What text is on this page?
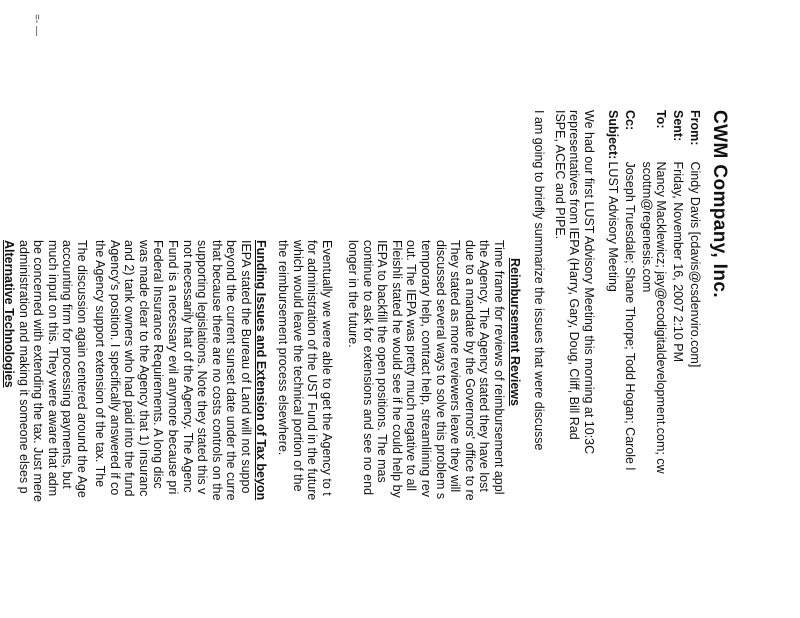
=- —
CWM Company, Inc.
From: Cindy Davis [cdavis@csdenviro.com]
Sent: Friday, November 16, 2007 2:10 PM
To: Nancy Macklewicz; jay@ecodigitaldevelopment.com; cw
scottm@regenesis.com
Cc: Joseph Truesdale; Shane Thorpe; Todd Hogan; Carole l
Subject: LUST Advisory Meeting
We had our first LUST Advisory Meeting this morning at 10:3C
representatives from IEPA (Harry, Gary, Doug, Cliff, Bill Rad
ISPE, ACEC and PIPE.
I am going to briefly summarize the issues that were discusse
Reimbursement Reviews
Time frame for reviews of reimbursement appl
the Agency. The Agency stated they have lost
due to a mandate by the Governors' office to re
They stated as more reviewers leave they will
discussed several ways to solve this problem s
temporary help, contract help, streamlining rev
out. The IEPA was pretty much negative to all
Fleishli stated he would see if he could help by
IEPA to backfill the open positions. The mas
continue to ask for extensions and see no end
longer in the future.
Eventually we were able to get the Agency to t
for administration of the UST Fund in the future
which would leave the technical portion of the
the reimbursement process elsewhere.
Funding Issues and Extension of Tax beyon
IEPA stated the Bureau of Land will not suppo
beyond the current sunset date under the curre
that because there are no costs controls on the
supporting legislations. Note they stated this v
not necessarily that of the Agency. The Agenc
Fund is a necessary evil anymore because pri
Federal Insurance Requirements. A long disc
was made clear to the Agency that 1) insuranc
and 2) tank owners who had paid into the fund
Agency's position. I specifically answered if co
the Agency support extension of the tax. The
The discussion again centered around the Age
accounting firm for processing payments, but
much input on this. They were aware that adm
be concerned with extending the tax. Just mere
administration and making it someone elses p
Alternative Technologies
